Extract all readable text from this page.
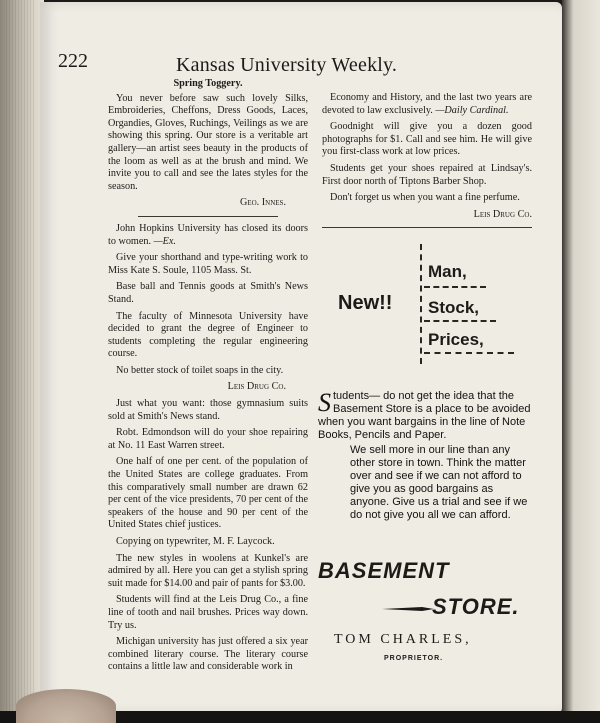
222	Kansas University Weekly.

Spring Toggery.

You never before saw such lovely Silks, Embroideries, Cheffons, Dress Goods, Laces, Organdies, Gloves, Ruchings, Veilings as we are showing this spring. Our store is a veritable art gallery—an artist sees beauty in the products of the loom as well as at the brush and mind. We invite you to call and see the lates styles for the season.

Geo. Innes.

John Hopkins University has closed its doors to women. —Ex.

Give your shorthand and type-writing work to Miss Kate S. Soule, 1105 Mass. St.

Base ball and Tennis goods at Smith's News Stand.

The faculty of Minnesota University have decided to grant the degree of Engineer to students completing the regular engineering course.

No better stock of toilet soaps in the city.

Leis Drug Co.

Just what you want: those gymnasium suits sold at Smith's News stand.

Robt. Edmondson will do your shoe repairing at No. 11 East Warren street.

One half of one per cent. of the population of the United States are college graduates. From this comparatively small number are drawn 62 per cent of the vice presidents, 70 per cent of the speakers of the house and 90 per cent of the United States chief justices.

Copying on typewriter, M. F. Laycock.

The new styles in woolens at Kunkel's are admired by all. Here you can get a stylish spring suit made for $14.00 and pair of pants for $3.00.

Students will find at the Leis Drug Co., a fine line of tooth and nail brushes. Prices way down. Try us.

Michigan university has just offered a six year combined literary course. The literary course contains a little law and considerable work in

Economy and History, and the last two years are devoted to law exclusively. —Daily Cardinal.

Goodnight will give you a dozen good photographs for $1. Call and see him. He will give you first-class work at low prices.

Students get your shoes repaired at Lindsay's. First door north of Tiptons Barber Shop.

Don't forget us when you want a fine perfume.

Leis Drug Co.

New!!
Man,
Stock,
Prices,

Students— do not get the idea that the Basement Store is a place to be avoided when you want bargains in the line of Note Books, Pencils and Paper.

We sell more in our line than any other store in town. Think the matter over and see if we can not afford to give you as good bargains as anyone. Give us a trial and see if we do not give you all we can afford.

BASEMENT
STORE.
TOM CHARLES,
PROPRIETOR.
